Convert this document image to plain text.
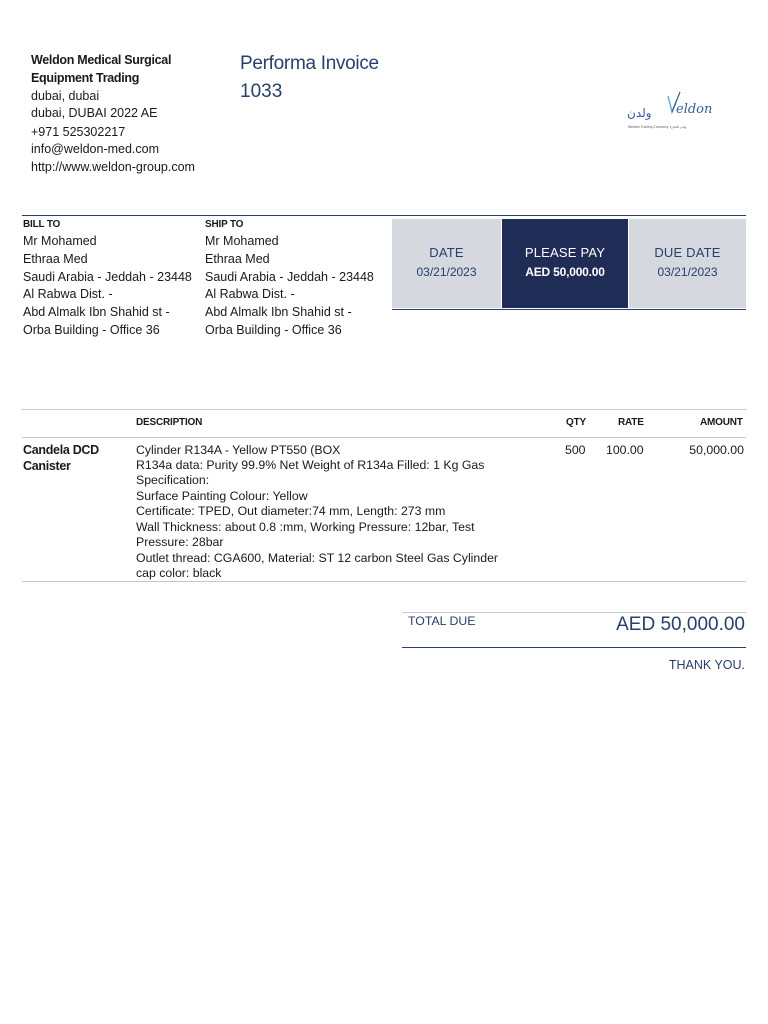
Weldon Medical Surgical Equipment Trading
dubai, dubai
dubai, DUBAI 2022 AE
+971 525302217
info@weldon-med.com
http://www.weldon-group.com
Performa Invoice
1033
ولدن eldon
Weldon Trading Company ولدن للتجارة
BILL TO
Mr Mohamed
Ethraa Med
Saudi Arabia - Jeddah - 23448
Al Rabwa Dist. -
Abd Almalk Ibn Shahid st -
Orba Building - Office 36
SHIP TO
Mr Mohamed
Ethraa Med
Saudi Arabia - Jeddah - 23448
Al Rabwa Dist. -
Abd Almalk Ibn Shahid st -
Orba Building - Office 36
DATE
03/21/2023
PLEASE PAY
AED 50,000.00
DUE DATE
03/21/2023
DESCRIPTION	QTY	RATE	AMOUNT
Candela DCD Canister
Cylinder R134A - Yellow PT550 (BOX
R134a data: Purity 99.9% Net Weight of R134a Filled: 1 Kg Gas
Specification:
Surface Painting Colour: Yellow
Certificate: TPED, Out diameter:74 mm, Length: 273 mm
Wall Thickness: about 0.8 :mm, Working Pressure: 12bar, Test
Pressure: 28bar
Outlet thread: CGA600, Material: ST 12 carbon Steel Gas Cylinder
cap color: black
500 100.00	50,000.00
TOTAL DUE	AED 50,000.00
THANK YOU.
